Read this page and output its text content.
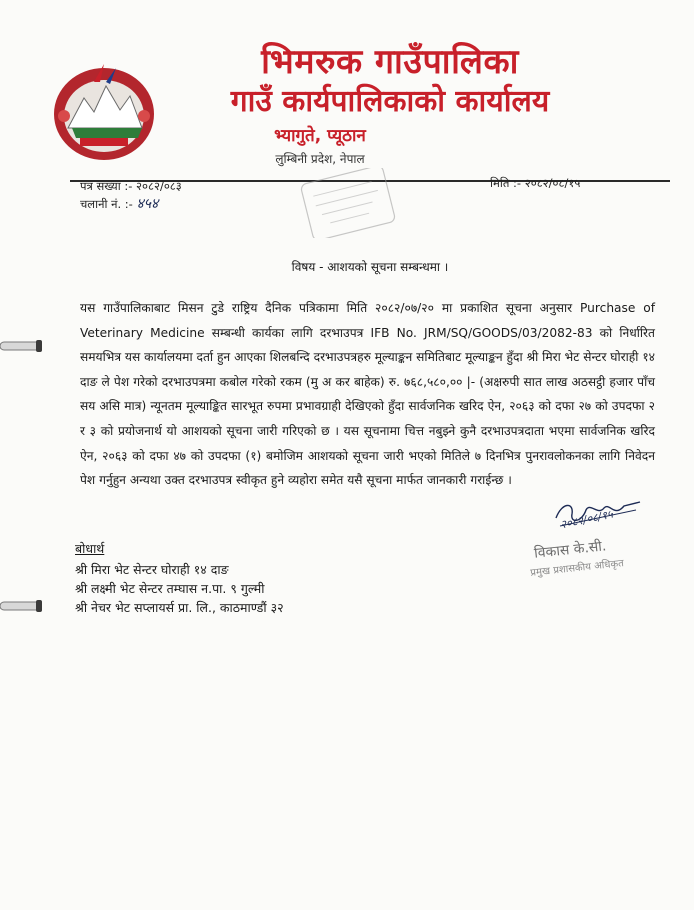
भिमरुक गाउँपालिका
गाउँ कार्यपालिकाको कार्यालय
भ्यागुते, प्यूठान
लुम्बिनी प्रदेश, नेपाल
पत्र सख्या :- २०८२/०८३
चलानी नं. :- ४५४
मिति :- २०८२/०८/१५
विषय - आशयको सूचना सम्बन्धमा ।
यस गाउँपालिकाबाट मिसन टुडे राष्ट्रिय दैनिक पत्रिकामा मिति २०८२/०७/२० मा प्रकाशित सूचना अनुसार Purchase of Veterinary Medicine सम्बन्धी कार्यका लागि दरभाउपत्र IFB No. JRM/SQ/GOODS/03/2082-83 को निर्धारित समयभित्र यस कार्यालयमा दर्ता हुन आएका शिलबन्दि दरभाउपत्रहरु मूल्याङ्कन समितिबाट मूल्याङ्कन हुँदा श्री मिरा भेट सेन्टर घोराही १४ दाङ ले पेश गरेको दरभाउपत्रमा कबोल गरेको रकम (मु अ कर बाहेक) रु. ७६८,५८०,०० |- (अक्षरुपी सात लाख अठसट्ठी हजार पाँच सय असि मात्र) न्यूनतम मूल्याङ्कित सारभूत रुपमा प्रभावग्राही देखिएको हुँदा सार्वजनिक खरिद ऐन, २०६३ को दफा २७ को उपदफा २ र ३ को प्रयोजनार्थ यो आशयको सूचना जारी गरिएको छ । यस सूचनामा चित्त नबुझ्ने कुनै दरभाउपत्रदाता भएमा सार्वजनिक खरिद ऐन, २०६३ को दफा ४७ को उपदफा (१) बमोजिम आशयको सूचना जारी भएको मितिले ७ दिनभित्र पुनरावलोकनका लागि निवेदन पेश गर्नुहुन अन्यथा उक्त दरभाउपत्र स्वीकृत हुने व्यहोरा समेत यसै सूचना मार्फत जानकारी गराईन्छ ।
२०८२/०८/१५
विकास के.सी.
प्रमुख प्रशासकीय अधिकृत
बोधार्थ
श्री मिरा भेट सेन्टर घोराही १४ दाङ
श्री लक्ष्मी भेट सेन्टर तम्घास न.पा. ९ गुल्मी
श्री नेचर भेट सप्लायर्स प्रा. लि., काठमाण्डौं ३२
